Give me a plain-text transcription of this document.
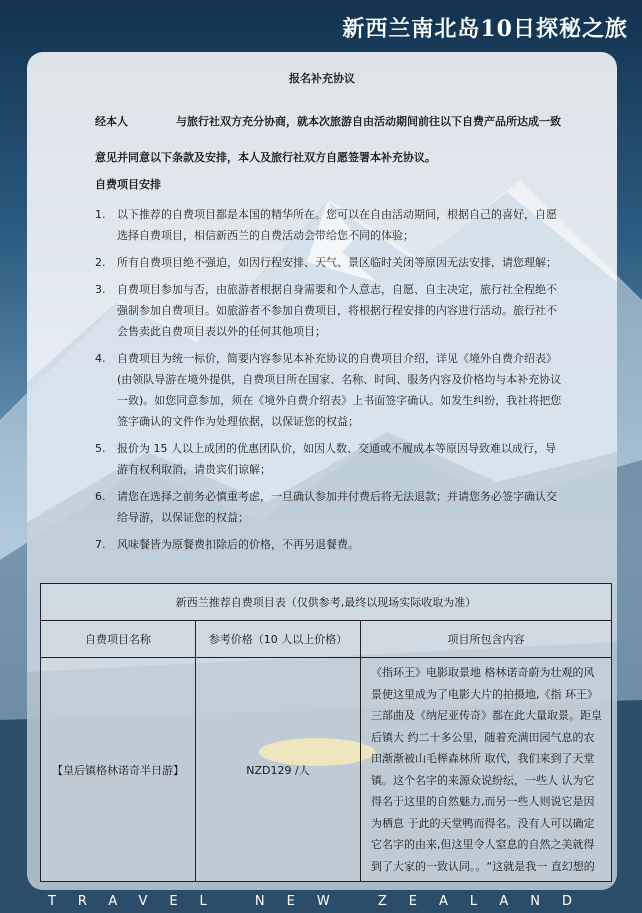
新西兰南北岛10日探秘之旅
报名补充协议
经本人	与旅行社双方充分协商，就本次旅游自由活动期间前往以下自费产品所达成一致意见并同意以下条款及安排，本人及旅行社双方自愿签署本补充协议。
自费项目安排
1. 以下推荐的自费项目都是本国的精华所在。您可以在自由活动期间，根据自己的喜好，自愿选择自费项目，相信新西兰的自费活动会带给您不同的体验；
2. 所有自费项目绝不强迫，如因行程安排、天气、景区临时关闭等原因无法安排，请您理解；
3. 自费项目参加与否，由旅游者根据自身需要和个人意志，自愿、自主决定，旅行社全程绝不强制参加自费项目。如旅游者不参加自费项目，将根据行程安排的内容进行活动。旅行社不会售卖此自费项目表以外的任何其他项目；
4. 自费项目为统一标价，简要内容参见本补充协议的自费项目介绍，详见《境外自费介绍表》(由领队导游在境外提供，自费项目所在国家、名称、时间、服务内容及价格均与本补充协议一致)。如您同意参加，须在《境外自费介绍表》上书面签字确认。如发生纠纷，我社将把您签字确认的文件作为处理依据，以保证您的权益；
5. 报价为 15 人以上成团的优惠团队价，如因人数、交通或不履成本等原因导致难以成行，导游有权利取消，请贵宾们谅解；
6. 请您在选择之前务必慎重考虑，一旦确认参加并付费后将无法退款；并请您务必签字确认交给导游，以保证您的权益；
7. 风味餐皆为原餐费扣除后的价格，不再另退餐费。
新西兰推荐自费项目表（仅供参考,最终以现场实际收取为准）		
自费项目名称	参考价格（10 人以上价格）	项目所包含内容
【皇后镇格林诺奇半日游】	NZD129 /人	《指环王》电影取景地 格林诺奇蔚为壮观的风景使这里成为了电影大片的拍摄地,《指 环王》三部曲及《纳尼亚传奇》都在此大量取景。距皇后镇大 约二十多公里，随着充满田园气息的农田渐渐被山毛榉森林所 取代，我们来到了天堂镇。这个名字的来源众说纷纭，一些人 认为它得名于这里的自然魅力,而另一些人则说它是因为栖息 于此的天堂鸭而得名。没有人可以确定它名字的由来,但这里令人窒息的自然之美就得到了大家的一致认同。。“这就是我一 直幻想的
TRAVEL NEW ZEALAND
